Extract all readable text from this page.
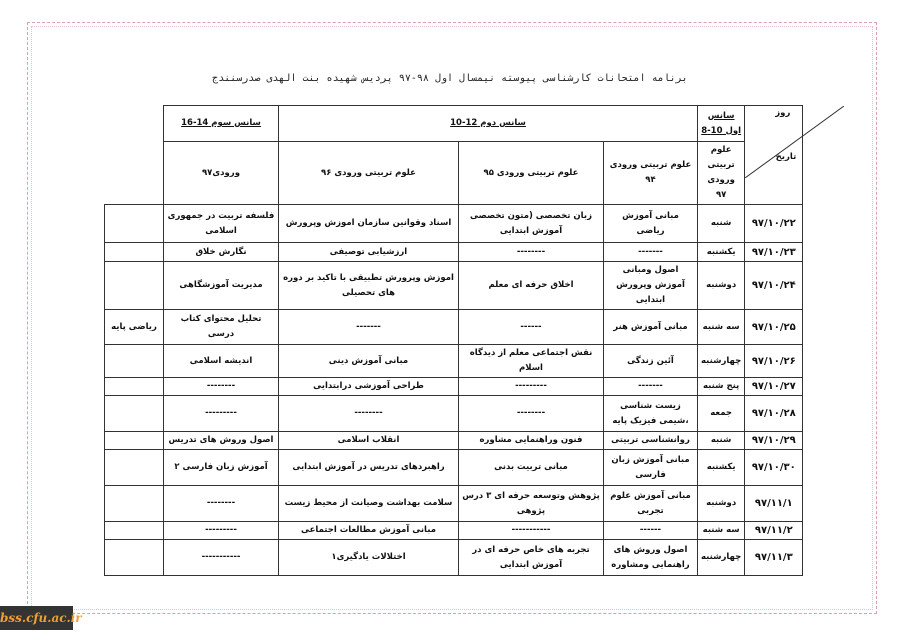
برنامه امتحانات کارشناسی پیوسته نیمسال اول ۹۸-۹۷ پردیس شهیده بنت الهدی صدرسنندج
روز
تاریخ	سانس اول 10-8	سانس دوم 12-10			سانس سوم 14-16	
	علوم تربیتی ورودی ۹۷	علوم تربیتی ورودی ۹۴	علوم تربیتی ورودی ۹۵	علوم تربیتی ورودی ۹۶	ورودی۹۷	
۹۷/۱۰/۲۲	شنبه	مبانی آموزش ریاضی	زبان تخصصی (متون تخصصی آموزش ابتدایی	اسناد وقوانین سازمان اموزش وپرورش	فلسفه تربیت در جمهوری اسلامی	
۹۷/۱۰/۲۳	یکشنبه	-------	--------	ارزشیابی توصیفی	نگارش خلاق	
۹۷/۱۰/۲۴	دوشنبه	اصول ومبانی آموزش وپرورش ابتدایی	اخلاق حرفه ای معلم	اموزش وپرورش تطبیقی با تاکید بر دوره های تحصیلی	مدیریت آموزشگاهی	
۹۷/۱۰/۲۵	سه شنبه	مبانی آموزش هنر	------	-------	تحلیل محتوای کتاب درسی	ریاضی پایه
۹۷/۱۰/۲۶	چهارشنبه	آئین زندگی	نقش اجتماعی معلم از دیدگاه اسلام	مبانی آموزش دینی	اندیشه اسلامی	
۹۷/۱۰/۲۷	پنج شنبه	-------	---------	طراحی آموزشی درابتدایی	--------	
۹۷/۱۰/۲۸	جمعه	زیست شناسی ،شیمی فیزیک پایه	--------	--------	---------	
۹۷/۱۰/۲۹	شنبه	روانشناسی تربیتی	فنون وراهنمایی مشاوره	انقلاب اسلامی	اصول وروش های تدریس	
۹۷/۱۰/۳۰	یکشنبه	مبانی آموزش زبان فارسی	مبانی تربیت بدنی	راهبردهای تدریس در آموزش ابتدایی	آموزش زبان فارسی ۲	
۹۷/۱۱/۱	دوشنبه	مبانی آموزش علوم تجربی	پژوهش وتوسعه حرفه ای ۳ درس پژوهی	سلامت بهداشت وصیانت از محیط زیست	--------	
۹۷/۱۱/۲	سه شنبه	------	-----------	مبانی آموزش مطالعات اجتماعی	---------	
۹۷/۱۱/۳	چهارشنبه	اصول وروش های راهنمایی ومشاوره	تجربه های خاص حرفه ای در آموزش ابتدایی	اختلالات یادگیری۱	-----------	
bss.cfu.ac.ir
